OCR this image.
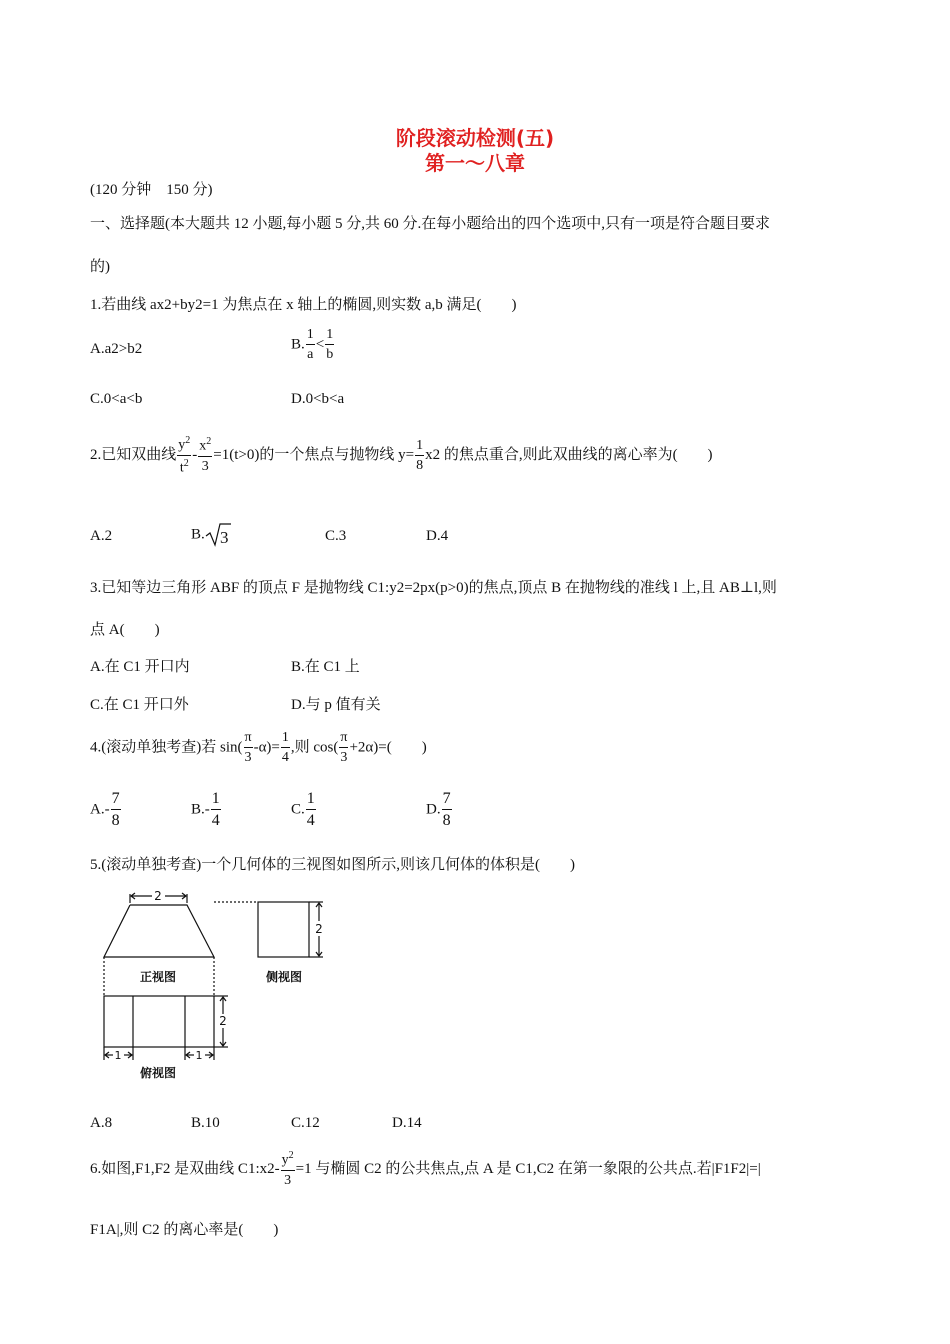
阶段滚动检测(五)
第一～八章
(120 分钟　150 分)
一、选择题(本大题共 12 小题,每小题 5 分,共 60 分.在每小题给出的四个选项中,只有一项是符合题目要求
的)
1.若曲线 ax2+by2=1 为焦点在 x 轴上的椭圆,则实数 a,b 满足(　　)
A.a2>b2	B. $\frac{1}{a} < \frac{1}{b}$
C.0<a<b	D.0<b<a
2.已知双曲线 $\frac{y^2}{t^2} - \frac{x^2}{3} =1(t>0)$的一个焦点与抛物线 $y= \frac{1}{8} x2$ 的焦点重合,则此双曲线的离心率为(　　)
A.2	B. 3	C.3	D.4
3.已知等边三角形 ABF 的顶点 F 是抛物线 C1:y2=2px(p>0)的焦点,顶点 B 在抛物线的准线 l 上,且 AB⊥l,则
点 A(　　)
A.在 C1 开口内	B.在 C1 上
C.在 C1 开口外	D.与 p 值有关
4.(滚动单独考查)若 $\sin( \frac{\pi}{3} -\alpha)= \frac{1}{4}$ ,则 $\cos( \frac{\pi}{3} +2\alpha)=$(　　)
$A.- \frac{7}{8}$	$B.- \frac{1}{4}$	C. $\frac{1}{4}$	D. $\frac{7}{8}$
5.(滚动单独考查)一个几何体的三视图如图所示,则该几何体的体积是(　　)
2
正视图
2
侧视图
2
1	1
俯视图
A.8	B.10	C.12	D.14
6.如图,F1,F2 是双曲线 C1:x2- $\frac{y^2}{3} =1$ 与椭圆 C2 的公共焦点,点 A 是 C1,C2 在第一象限的公共点.若|F1F2|=|
F1A|,则 C2 的离心率是(　　)
